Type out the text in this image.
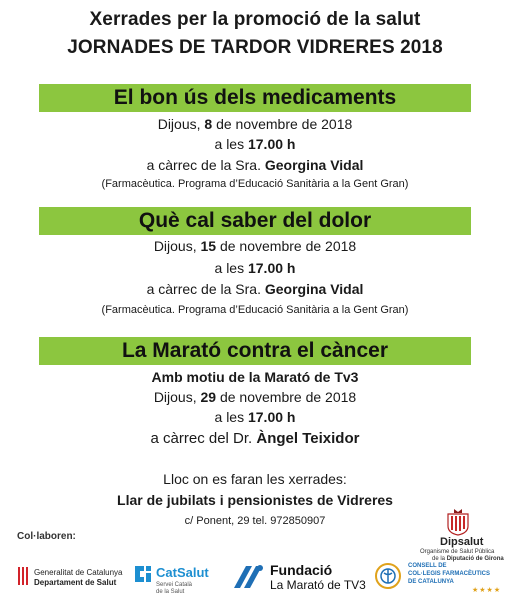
Xerrades per la promoció de la salut
JORNADES DE TARDOR VIDRERES 2018
El bon ús dels medicaments
Dijous, 8 de novembre de 2018
a les 17.00 h
a càrrec de la Sra. Georgina Vidal
(Farmacèutica. Programa d’Educació Sanitària a la Gent Gran)
Què cal saber del dolor
Dijous, 15 de novembre de 2018
a les 17.00 h
a càrrec de la Sra. Georgina Vidal
(Farmacèutica. Programa d’Educació Sanitària a la Gent Gran)
La Marató contra el càncer
Amb motiu de la Marató de Tv3
Dijous, 29 de novembre de 2018
a les 17.00 h
a càrrec del Dr. Àngel Teixidor
Lloc on es faran les xerrades:
Llar de jubilats i pensionistes de Vidreres
c/ Ponent, 29 tel. 972850907
Col·laboren:	Dipsalut
Organisme de Salut Pública
de la Diputació de Girona
Generalitat de Catalunya
Departament de Salut
CatSalut
Servei Català
de la Salut
Fundació
La Marató de TV3
CONSELL DE
COL·LEGIS FARMACÈUTICS
DE CATALUNYA
★★★★
